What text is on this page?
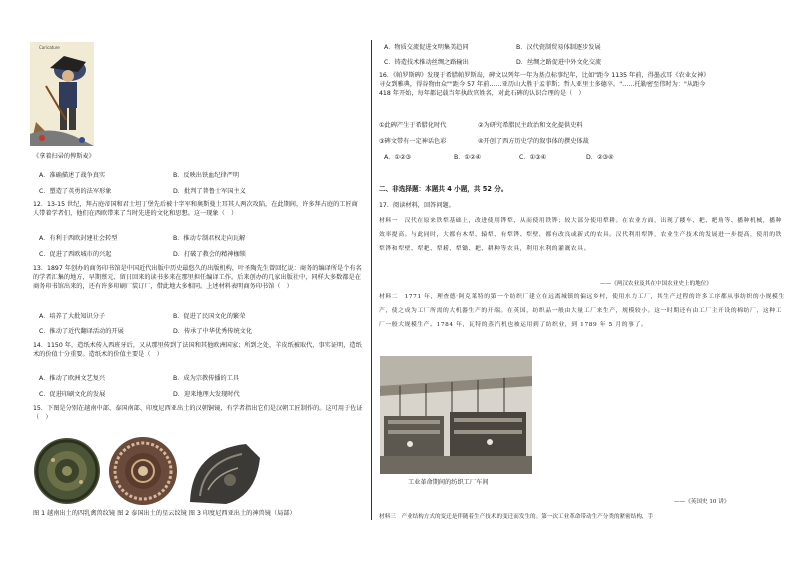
Caricature
《拿着扫帚的俾斯麦》
A．准确描述了战争真实	B．反映出铁血纪律严明
C．塑造了英勇的法军形象	D．批判了普鲁士军国主义
12．13-15 世纪，拜占庭帝国和君士坦丁堡先后被十字军和奥斯曼土耳其人两次攻陷，在此期间，许多拜占庭的工匠商人带着学者们，他们在西欧带来了当时先进的文化和思想。这一现象（　）
A．有利于西欧封建社会转型	B．推动专制君权走向瓦解
C．促进了西欧城市的兴起	D．打破了教会的精神枷锁
13．1897 年创办的商务印书馆是中国近代出版中历史最悠久的出版机构，叶圣陶先生曾回忆说：商务的编译所是个有名的学者汇集的地方，早期蔡元、留日回来的读书多来在那里担任编译工作。后来创办的几家出版社中，同样大多数都是在商务印书馆出来的，还有许多印刷厂装订厂，借此地大多相同。上述材料表明商务印书馆（　）
A．培养了大批知识分子	B．促进了民国文化的繁荣
C．推动了近代翻译活动的开展	D．传承了中华优秀传统文化
14．1150 年，造纸术传入西班牙后，又从那里传到了法国和其他欧洲国家；所到之处，羊皮纸被取代，事实证明，造纸术的价值十分重要。造纸术的价值主要是（　）
A．推动了欧洲文艺复兴	B．成为宗教传播的工具
C．促进印刷文化的发展	D．迎来地理大发现时代
15．下图是分别在越南中部、泰国南部、印度尼西亚出土的汉朝铜镜，有学者指出它们是汉朝工匠制作的。这可用于佐证（　）
图 1 越南出土的四乳禽兽纹镜 图 2 泰国出土的星云纹镜 图 3 印度尼西亚出土的神兽镜（局部）
A．物质交流促进文明集美趋同	B．汉代瓷制贸易体制逐步发展
C．铸造技术推动丝绸之路输出	D．丝绸之路促进中外文化交流
16．《帕罗斯碑》发现于希腊帕罗斯岛，碑文以列年一年为基点标事纪年，比如"距今 1135 年前，得墨忒耳《农业女神》寻女到雅典，得谷物由众""距今 57 年前……亚历山大胜于孟菲斯；哲人亚里士多德卒。"……托勒密至伟时为："从距今 418 年开始，每年都记载当年执政官姓名，对此石碑的认识合理的是（　）
①此碑产生于希腊化时代	②为研究希腊民主政治和文化提供史料
③碑文带有一定神话色彩	④开创了西方历史学的叙事体的撰史体裁
A．①②③	B．①②④	C．①③④	D．②③④
二、非选择题：本题共 4 小题，共 52 分。
17．阅读材料，回答问题。
材料一　汉代在原来铁犁基础上，改进使用铧犁，从而使用铁铧；较大部分使用犁耕。在农业方面，出现了耧车、耙、耙角等、播种机械，播种效率提高。与此同时，大都有木犁、辕犁、有犁铧、犁壁，都有改良或新式的农具。汉代利用犁铧，农业生产技术的发展进一步提高，使用的铁犁铧和犁壁、犁耙、犁耢、犁锄、耙、耕种等农具，利用水利的灌溉农具。
——《两汉农业及其在中国农业史上的地位》
材料二　1771 年，理查德·阿克莱特的第一个纺织厂建立在远离城镇的偏远乡村，使用水力工厂，其生产过程的许多工序都从事纺织的小规模生产，使之成为工厂所需的大机器生产的开端。在英国，纺织品一般由大量工厂来生产，规模较小。这一时期还有由工厂主开设的棉纺厂，这种工厂一般大规模生产。1784 年，瓦特的蒸汽机也被运用到了纺织业，到 1789 年 5 月的事了。
工业革命期间的纺织工厂车间
——《英国史 10 讲》
材料三　产业结构方式的变迁是伴随着生产技术的变迁而发生的。第一次工业革命带动生产分类的紧密结构，手
